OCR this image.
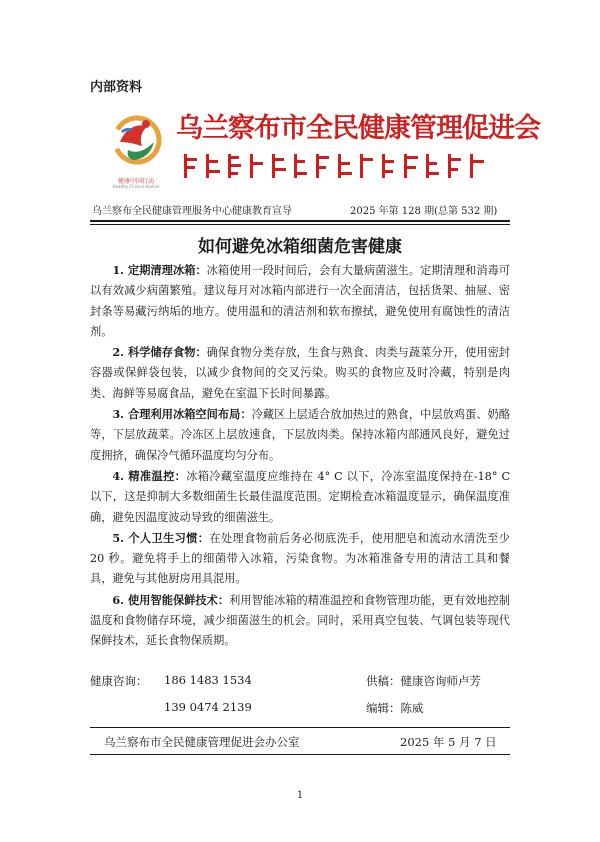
内部资料
健康中国行动
Healthy China Initiative
乌兰察布市全民健康管理促进会
乌兰察布全民健康管理服务中心健康教育宣导	2025 年第 128 期(总第 532 期)
如何避免冰箱细菌危害健康

1. 定期清理冰箱：冰箱使用一段时间后，会有大量病菌滋生。定期清理和消毒可以有效减少病菌繁殖。建议每月对冰箱内部进行一次全面清洁，包括货架、抽屉、密封条等易藏污纳垢的地方。使用温和的清洁剂和软布擦拭，避免使用有腐蚀性的清洁剂。

2. 科学储存食物：确保食物分类存放，生食与熟食、肉类与蔬菜分开，使用密封容器或保鲜袋包装，以减少食物间的交叉污染。购买的食物应及时冷藏，特别是肉类、海鲜等易腐食品，避免在室温下长时间暴露。

3. 合理利用冰箱空间布局：冷藏区上层适合放加热过的熟食，中层放鸡蛋、奶酪等，下层放蔬菜。冷冻区上层放速食，下层放肉类。保持冰箱内部通风良好，避免过度拥挤，确保冷气循环温度均匀分布。

4. 精准温控：冰箱冷藏室温度应维持在 4° C 以下，冷冻室温度保持在-18° C 以下，这是抑制大多数细菌生长最佳温度范围。定期检查冰箱温度显示，确保温度准确，避免因温度波动导致的细菌滋生。

5. 个人卫生习惯：在处理食物前后务必彻底洗手，使用肥皂和流动水清洗至少 20 秒。避免将手上的细菌带入冰箱，污染食物。为冰箱准备专用的清洁工具和餐具，避免与其他厨房用具混用。

6. 使用智能保鲜技术：利用智能冰箱的精准温控和食物管理功能，更有效地控制温度和食物储存环境，减少细菌滋生的机会。同时，采用真空包装、气调包装等现代保鲜技术，延长食物保质期。

健康咨询： 186 1483 1534
139 0474 2139
供稿：健康咨询师卢芳
编辑：陈威
乌兰察布市全民健康管理促进会办公室	2025 年 5 月 7 日
1
